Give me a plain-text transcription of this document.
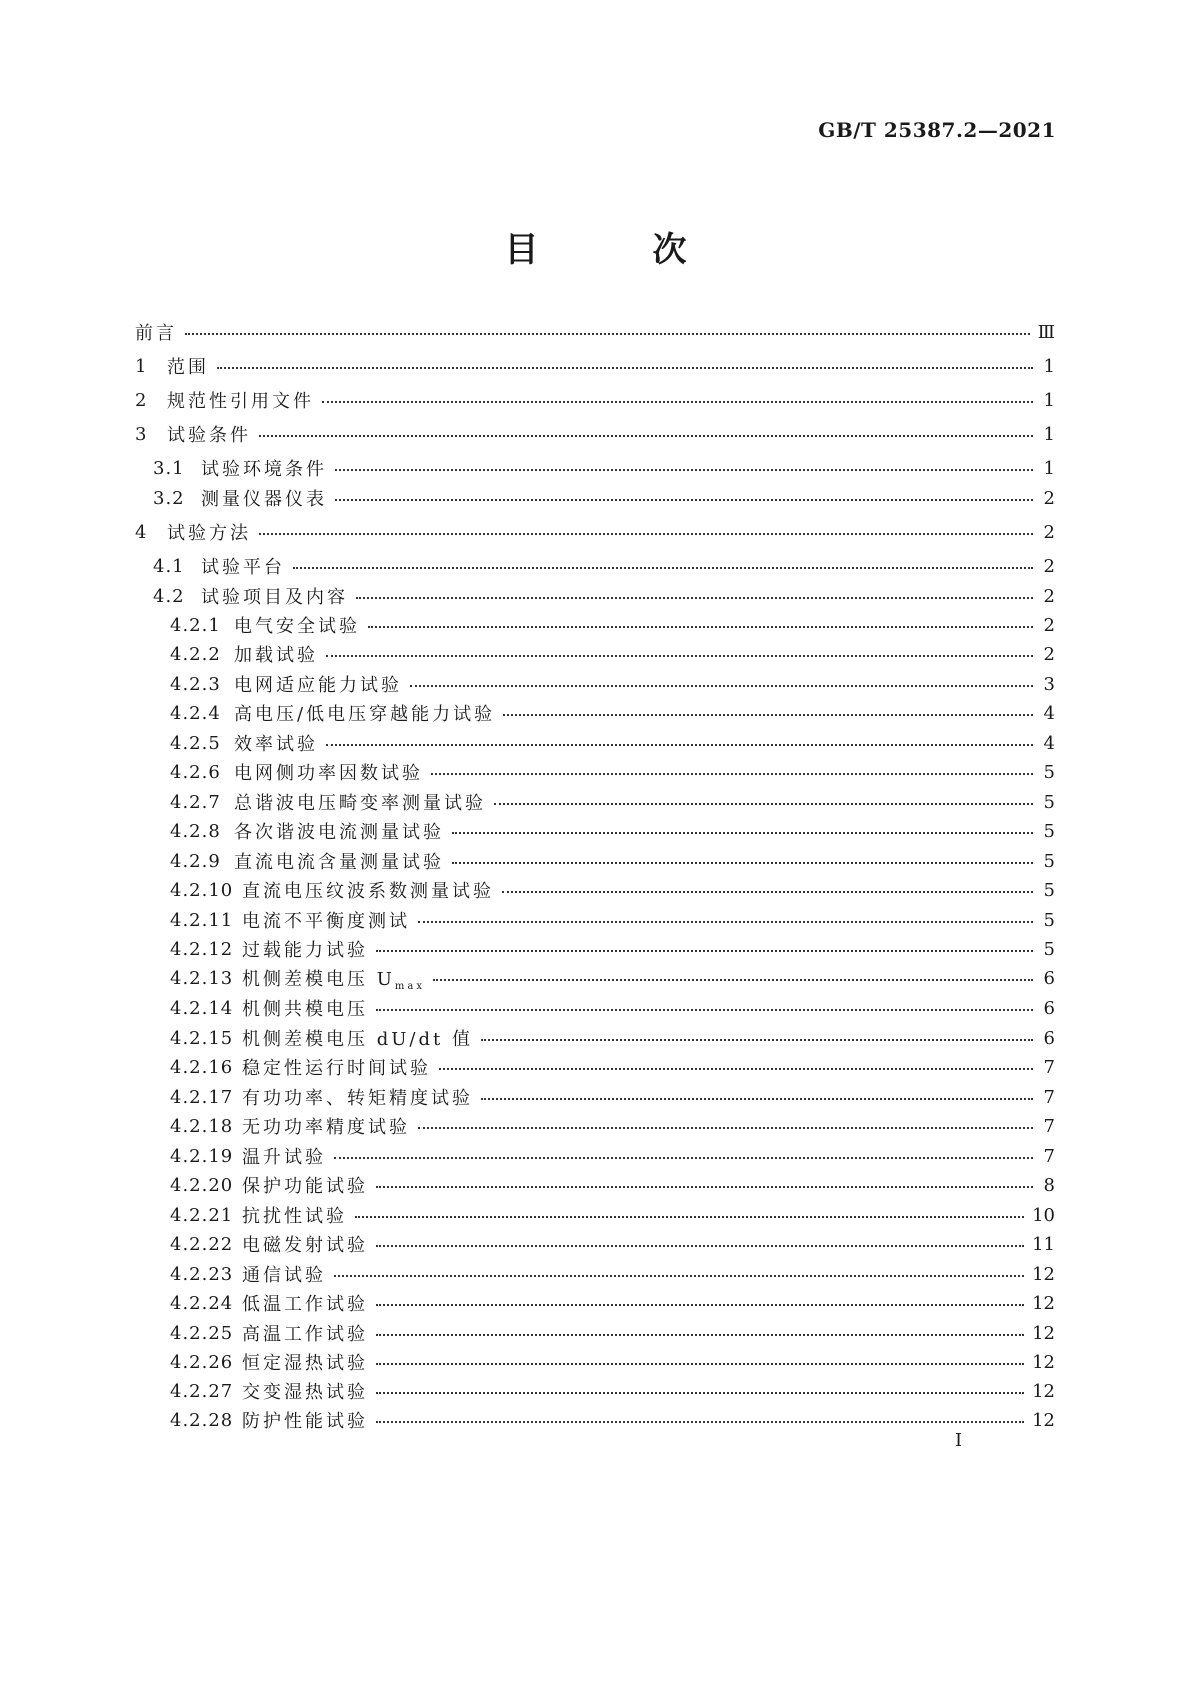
GB/T 25387.2—2021
目　次
前言	Ⅲ
1	范围	1
2	规范性引用文件	1
3	试验条件	1
3.1 试验环境条件	1
3.2 测量仪器仪表	2
4	试验方法	2
4.1 试验平台	2
4.2 试验项目及内容	2
4.2.1 电气安全试验	2
4.2.2 加载试验	2
4.2.3 电网适应能力试验	3
4.2.4 高电压/低电压穿越能力试验	4
4.2.5 效率试验	4
4.2.6 电网侧功率因数试验	5
4.2.7 总谐波电压畸变率测量试验	5
4.2.8 各次谐波电流测量试验	5
4.2.9 直流电流含量测量试验	5
4.2.10 直流电压纹波系数测量试验	5
4.2.11 电流不平衡度测试	5
4.2.12 过载能力试验	5
4.2.13 机侧差模电压 $U_{max}$	6
4.2.14 机侧共模电压	6
4.2.15 机侧差模电压 dU/dt 值	6
4.2.16 稳定性运行时间试验	7
4.2.17 有功功率、转矩精度试验	7
4.2.18 无功功率精度试验	7
4.2.19 温升试验	7
4.2.20 保护功能试验	8
4.2.21 抗扰性试验	10
4.2.22 电磁发射试验	11
4.2.23 通信试验	12
4.2.24 低温工作试验	12
4.2.25 高温工作试验	12
4.2.26 恒定湿热试验	12
4.2.27 交变湿热试验	12
4.2.28 防护性能试验	12
Ⅰ
